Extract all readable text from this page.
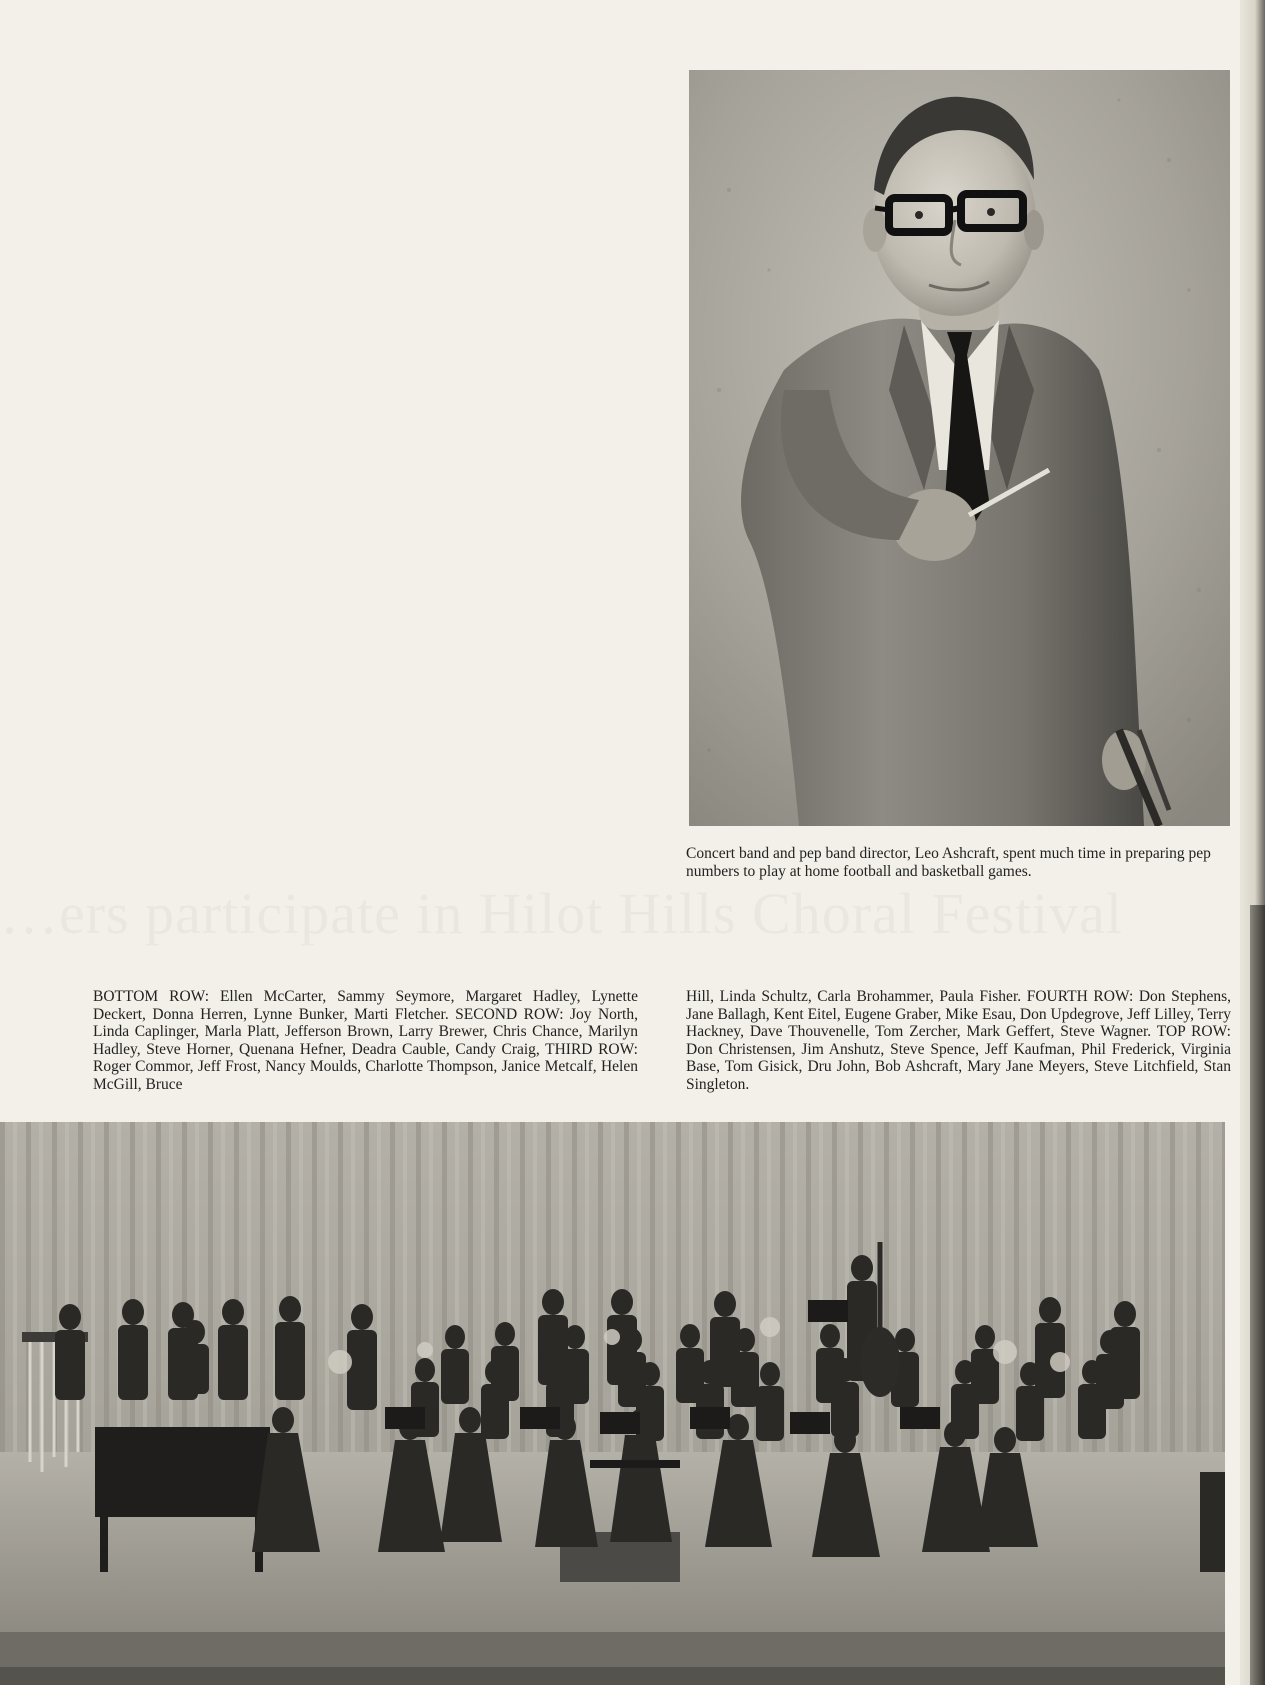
…ers participate in Hilot Hills Choral Festival
Concert band and pep band director, Leo Ashcraft, spent much time in preparing pep numbers to play at home football and basketball games.
BOTTOM ROW: Ellen McCarter, Sammy Seymore, Margaret Hadley, Lynette Deckert, Donna Herren, Lynne Bunker, Marti Fletcher. SECOND ROW: Joy North, Linda Caplinger, Marla Platt, Jefferson Brown, Larry Brewer, Chris Chance, Marilyn Hadley, Steve Horner, Quenana Hefner, Deadra Cauble, Candy Craig, THIRD ROW: Roger Commor, Jeff Frost, Nancy Moulds, Charlotte Thompson, Janice Metcalf, Helen McGill, Bruce
Hill, Linda Schultz, Carla Brohammer, Paula Fisher. FOURTH ROW: Don Stephens, Jane Ballagh, Kent Eitel, Eugene Graber, Mike Esau, Don Updegrove, Jeff Lilley, Terry Hackney, Dave Thouvenelle, Tom Zercher, Mark Geffert, Steve Wagner. TOP ROW: Don Christensen, Jim Anshutz, Steve Spence, Jeff Kaufman, Phil Frederick, Virginia Base, Tom Gisick, Dru John, Bob Ashcraft, Mary Jane Meyers, Steve Litchfield, Stan Singleton.
